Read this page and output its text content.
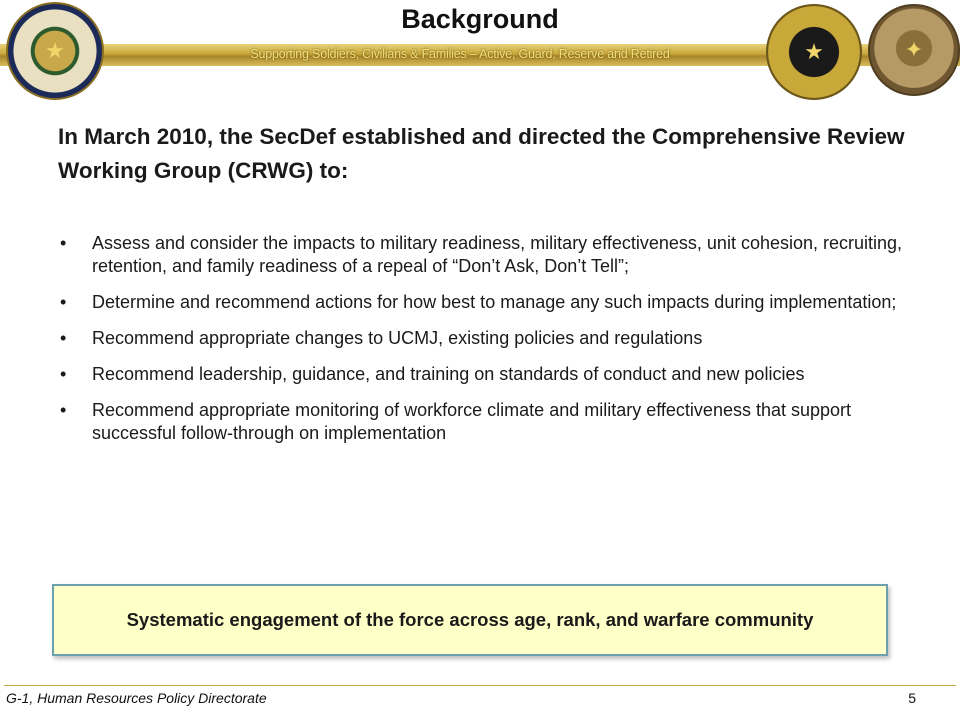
Background
Supporting Soldiers, Civilians & Families – Active, Guard, Reserve and Retired
★	★	✦
In March 2010, the SecDef established and directed the Comprehensive Review Working Group (CRWG) to:
• Assess and consider the impacts to military readiness, military effectiveness, unit cohesion, recruiting, retention, and family readiness of a repeal of “Don’t Ask, Don’t Tell”;
• Determine and recommend actions for how best to manage any such impacts during implementation;
• Recommend appropriate changes to UCMJ, existing policies and regulations
• Recommend leadership, guidance, and training on standards of conduct and new policies
• Recommend appropriate monitoring of workforce climate and military effectiveness that support successful follow-through on implementation
Systematic engagement of the force across age, rank, and warfare community
G-1, Human Resources Policy Directorate	5
